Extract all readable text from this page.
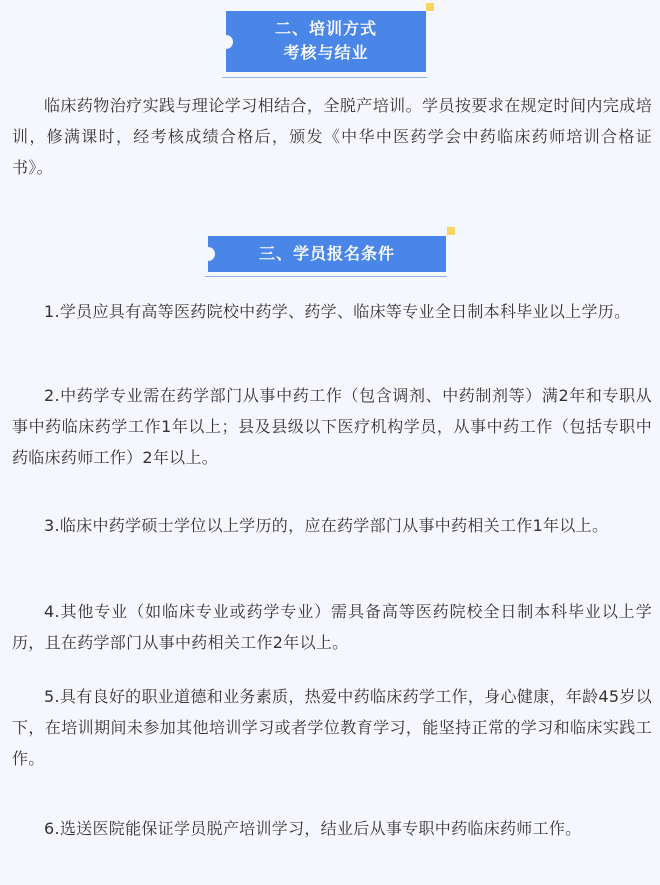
二、培训方式
考核与结业

临床药物治疗实践与理论学习相结合，全脱产培训。学员按要求在规定时间内完成培训，修满课时，经考核成绩合格后，颁发《中华中医药学会中药临床药师培训合格证书》。

三、学员报名条件

1.学员应具有高等医药院校中药学、药学、临床等专业全日制本科毕业以上学历。

2.中药学专业需在药学部门从事中药工作（包含调剂、中药制剂等）满2年和专职从事中药临床药学工作1年以上；县及县级以下医疗机构学员，从事中药工作（包括专职中药临床药师工作）2年以上。

3.临床中药学硕士学位以上学历的，应在药学部门从事中药相关工作1年以上。

4.其他专业（如临床专业或药学专业）需具备高等医药院校全日制本科毕业以上学历，且在药学部门从事中药相关工作2年以上。

5.具有良好的职业道德和业务素质，热爱中药临床药学工作，身心健康，年龄45岁以下，在培训期间未参加其他培训学习或者学位教育学习，能坚持正常的学习和临床实践工作。

6.选送医院能保证学员脱产培训学习，结业后从事专职中药临床药师工作。
